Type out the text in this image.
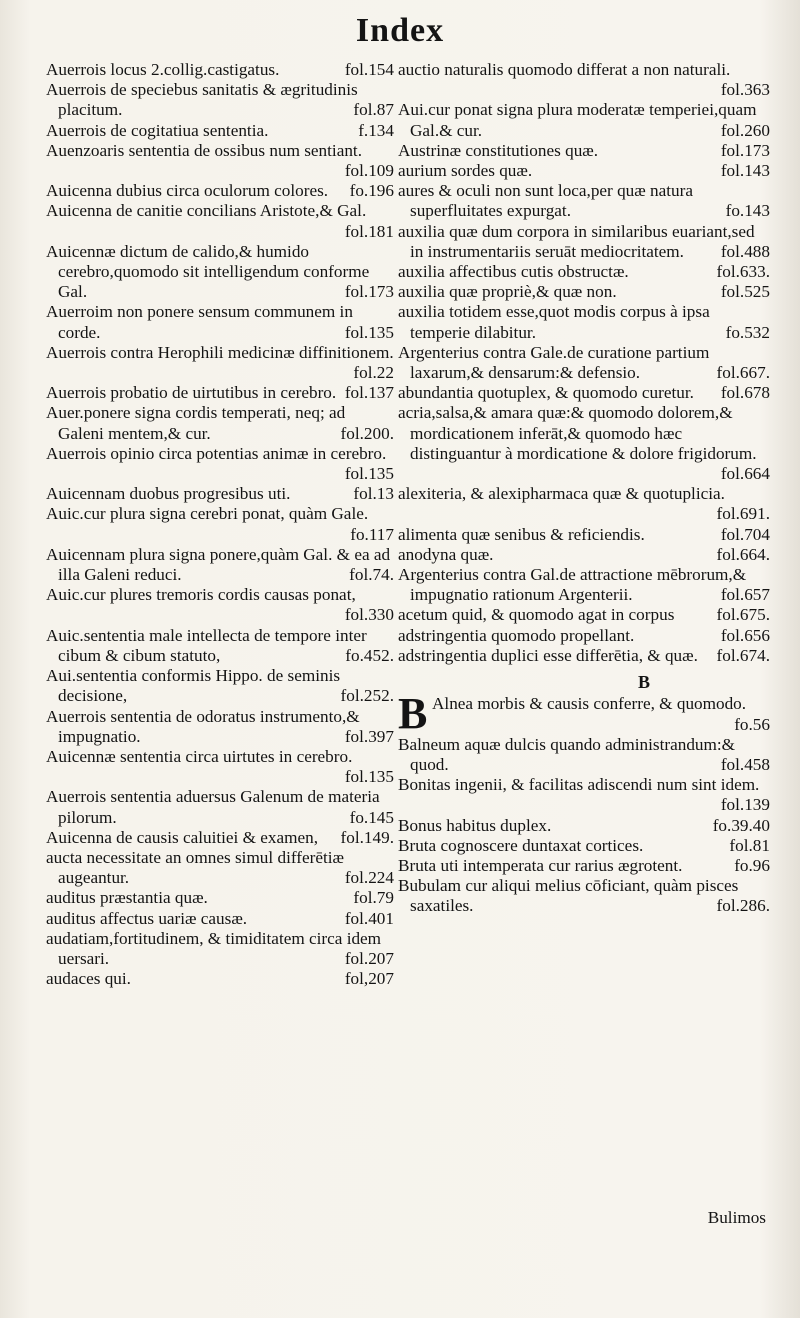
Index
Auerrois locus 2.collig.castigatus.	fol.154
Auerrois de speciebus sanitatis & ægritudinis placitum.	fol.87
Auerrois de cogitatiua sententia.	f.134
Auenzoaris sententia de ossibus num sentiant.
fol.109
Auicenna dubius circa oculorum colores. fo.196
Auicenna de canitie concilians Aristote,& Gal.
fol.181
Auicennæ dictum de calido,& humido cerebro,quomodo sit intelligendum conforme Gal.	fol.173
Auerroim non ponere sensum communem in corde.	fol.135
Auerrois contra Herophili medicinæ diffinitionem.
fol.22
Auerrois probatio de uirtutibus in cerebro. fol.137
Auer.ponere signa cordis temperati, neq; ad Galeni mentem,& cur.	fol.200.
Auerrois opinio circa potentias animæ in cerebro.
fol.135
Auicennam duobus progresibus uti.	fol.13
Auic.cur plura signa cerebri ponat, quàm Gale.
fo.117
Auicennam plura signa ponere,quàm Gal. & ea ad illa Galeni reduci.	fol.74.
Auic.cur plures tremoris cordis causas ponat,
fol.330
Auic.sententia male intellecta de tempore inter cibum & cibum statuto,	fo.452.
Aui.sententia conformis Hippo. de seminis decisione,	fol.252.
Auerrois sententia de odoratus instrumento,& impugnatio.	fol.397
Auicennæ sententia circa uirtutes in cerebro.
fol.135
Auerrois sententia aduersus Galenum de materia pilorum.	fo.145
Auicenna de causis caluitiei & examen, fol.149.
aucta necessitate an omnes simul differētiæ augeantur.	fol.224
auditus præstantia quæ.	fol.79
auditus affectus uariæ causæ.	fol.401
audatiam,fortitudinem, & timiditatem circa idem uersari.	fol.207
audaces qui.	fol,207
auctio naturalis quomodo differat a non naturali.
fol.363
Aui.cur ponat signa plura moderatæ temperiei,quam Gal.& cur.	fol.260
Austrinæ constitutiones quæ.	fol.173
aurium sordes quæ.	fol.143
aures & oculi non sunt loca,per quæ natura superfluitates expurgat.	fo.143
auxilia quæ dum corpora in similaribus euariant,sed in instrumentariis seruāt mediocritatem. fol.488
auxilia affectibus cutis obstructæ.	fol.633.
auxilia quæ propriè,& quæ non.	fol.525
auxilia totidem esse,quot modis corpus à ipsa temperie dilabitur.	fo.532
Argenterius contra Gale.de curatione partium laxarum,& densarum:& defensio.	fol.667.
abundantia quotuplex, & quomodo curetur. fol.678
acria,salsa,& amara quæ:& quomodo dolorem,& mordicationem inferāt,& quomodo hæc distinguantur à mordicatione & dolore frigidorum.
fol.664
alexiteria, & alexipharmaca quæ & quotuplicia.
fol.691.
alimenta quæ senibus & reficiendis.	fol.704
anodyna quæ.	fol.664.
Argenterius contra Gal.de attractione mēbrorum,& impugnatio rationum Argenterii.	fol.657
acetum quid, & quomodo agat in corpus fol.675.
adstringentia quomodo propellant.	fol.656
adstringentia duplici esse differētia, & quæ. fol.674.
B
B Alnea morbis & causis conferre, & quomodo.
fo.56
Balneum aquæ dulcis quando administrandum:& quod.	fol.458
Bonitas ingenii, & facilitas adiscendi num sint idem.
fol.139
Bonus habitus duplex.	fo.39.40
Bruta cognoscere duntaxat cortices.	fol.81
Bruta uti intemperata cur rarius ægrotent.	fo.96
Bubulam cur aliqui melius cōficiant, quàm pisces saxatiles.	fol.286.
Bulimos
